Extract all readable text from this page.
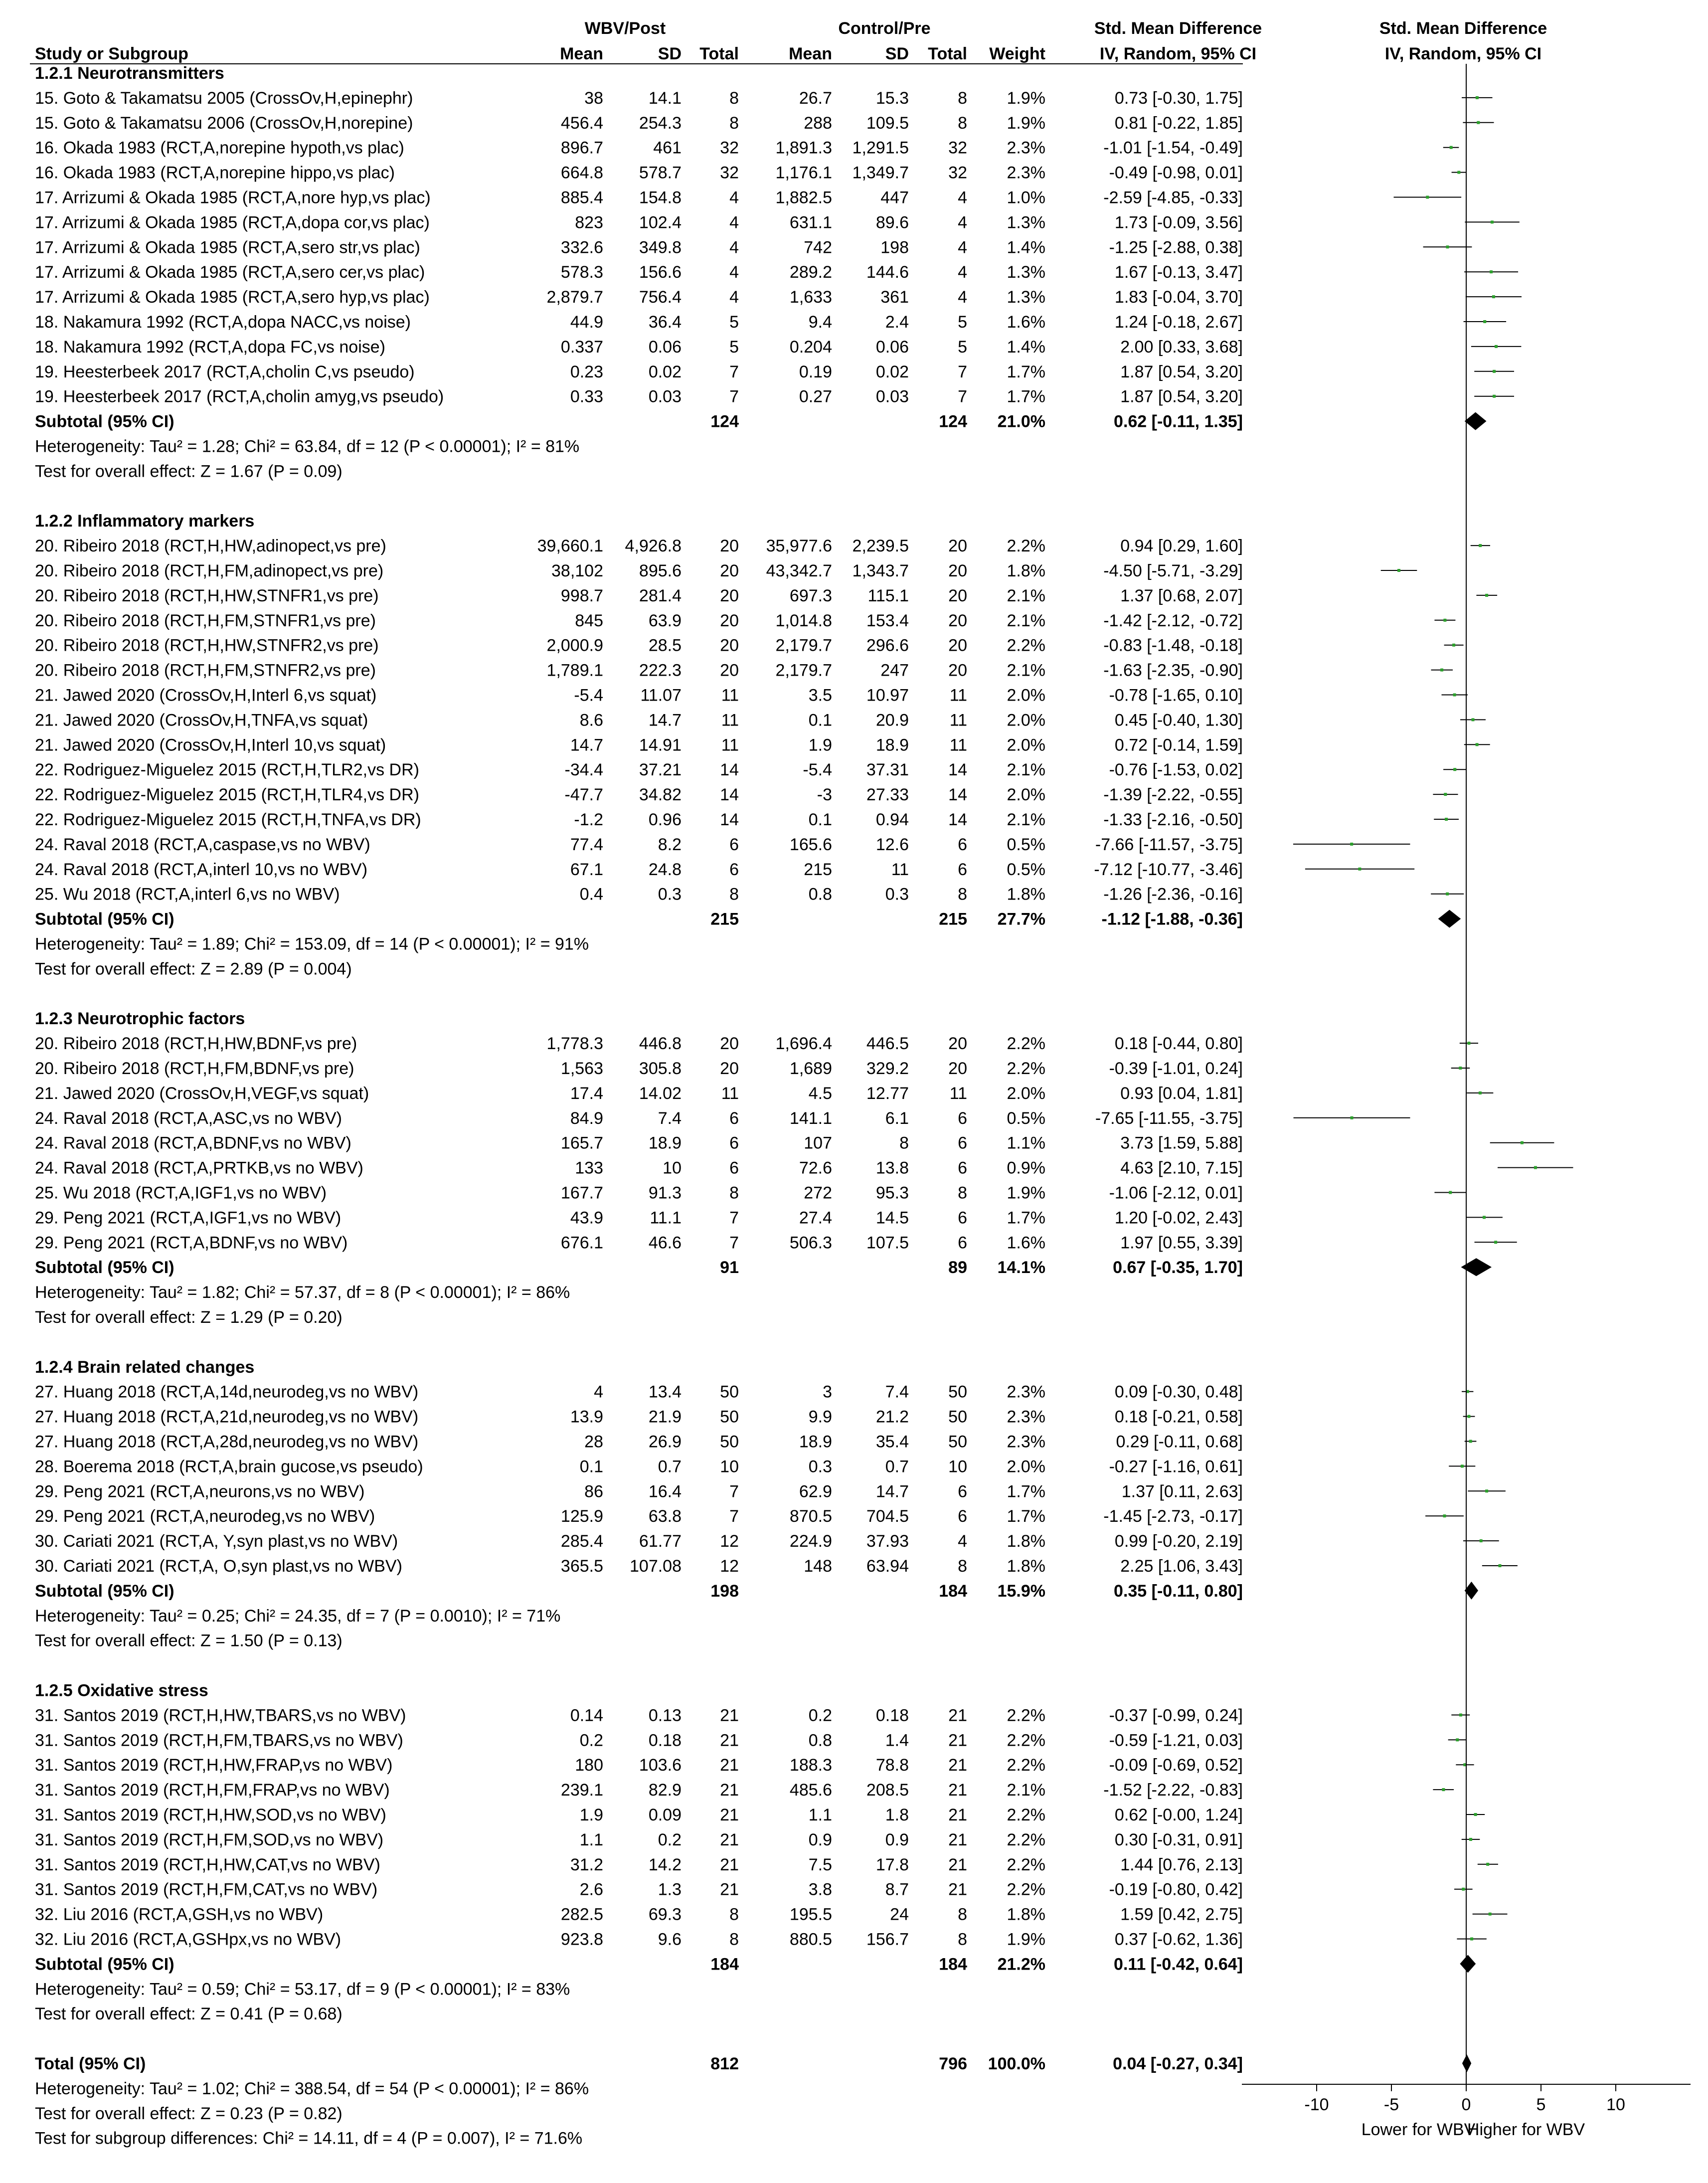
WBV/Post	Control/Pre	Std. Mean Difference
IV, Random, 95% CI
Std. Mean Difference
IV, Random, 95% CI
Study or Subgroup	Mean	SD Total	Mean	SD Total Weight
1.2.1 Neurotransmitters
15. Goto & Takamatsu 2005 (CrossOv,H,epinephr)	38	14.1	8	26.7	15.3	8 1.9%	0.73 [-0.30, 1.75]
15. Goto & Takamatsu 2006 (CrossOv,H,norepine)	456.4 254.3	8	288 109.5	8 1.9%	0.81 [-0.22, 1.85]
16. Okada 1983 (RCT,A,norepine hypoth,vs plac)	896.7	461 32 1,891.3 1,291.5 32 2.3%	-1.01 [-1.54, -0.49]
16. Okada 1983 (RCT,A,norepine hippo,vs plac)	664.8 578.7 32 1,176.1 1,349.7 32 2.3%	-0.49 [-0.98, 0.01]
17. Arrizumi & Okada 1985 (RCT,A,nore hyp,vs plac)	885.4 154.8	4 1,882.5	447	4 1.0%	-2.59 [-4.85, -0.33]
17. Arrizumi & Okada 1985 (RCT,A,dopa cor,vs plac)	823 102.4	4	631.1	89.6	4 1.3%	1.73 [-0.09, 3.56]
17. Arrizumi & Okada 1985 (RCT,A,sero str,vs plac)	332.6 349.8	4	742	198	4 1.4%	-1.25 [-2.88, 0.38]
17. Arrizumi & Okada 1985 (RCT,A,sero cer,vs plac)	578.3 156.6	4	289.2 144.6	4 1.3%	1.67 [-0.13, 3.47]
17. Arrizumi & Okada 1985 (RCT,A,sero hyp,vs plac)	2,879.7 756.4	4	1,633	361	4 1.3%	1.83 [-0.04, 3.70]
18. Nakamura 1992 (RCT,A,dopa NACC,vs noise)	44.9	36.4	5	9.4	2.4	5 1.6%	1.24 [-0.18, 2.67]
18. Nakamura 1992 (RCT,A,dopa FC,vs noise)	0.337	0.06	5	0.204	0.06	5 1.4%	2.00 [0.33, 3.68]
19. Heesterbeek 2017 (RCT,A,cholin C,vs pseudo)	0.23	0.02	7	0.19	0.02	7 1.7%	1.87 [0.54, 3.20]
19. Heesterbeek 2017 (RCT,A,cholin amyg,vs pseudo)	0.33	0.03	7	0.27	0.03	7 1.7%	1.87 [0.54, 3.20]
Subtotal (95% CI)	124	124 21.0%	0.62 [-0.11, 1.35]
Heterogeneity: Tau² = 1.28; Chi² = 63.84, df = 12 (P < 0.00001); I² = 81%
Test for overall effect: Z = 1.67 (P = 0.09)
1.2.2 Inflammatory markers
20. Ribeiro 2018 (RCT,H,HW,adinopect,vs pre)	39,660.1 4,926.8 20 35,977.6 2,239.5 20 2.2%	0.94 [0.29, 1.60]
20. Ribeiro 2018 (RCT,H,FM,adinopect,vs pre)	38,102 895.6 20 43,342.7 1,343.7 20 1.8%	-4.50 [-5.71, -3.29]
20. Ribeiro 2018 (RCT,H,HW,STNFR1,vs pre)	998.7 281.4 20	697.3 115.1 20 2.1%	1.37 [0.68, 2.07]
20. Ribeiro 2018 (RCT,H,FM,STNFR1,vs pre)	845	63.9 20 1,014.8 153.4 20 2.1%	-1.42 [-2.12, -0.72]
20. Ribeiro 2018 (RCT,H,HW,STNFR2,vs pre)	2,000.9	28.5 20 2,179.7 296.6 20 2.2%	-0.83 [-1.48, -0.18]
20. Ribeiro 2018 (RCT,H,FM,STNFR2,vs pre)	1,789.1 222.3 20 2,179.7	247 20 2.1%	-1.63 [-2.35, -0.90]
21. Jawed 2020 (CrossOv,H,Interl 6,vs squat)	-5.4 11.07 11	3.5 10.97 11 2.0%	-0.78 [-1.65, 0.10]
21. Jawed 2020 (CrossOv,H,TNFA,vs squat)	8.6	14.7 11	0.1	20.9 11 2.0%	0.45 [-0.40, 1.30]
21. Jawed 2020 (CrossOv,H,Interl 10,vs squat)	14.7 14.91 11	1.9	18.9 11 2.0%	0.72 [-0.14, 1.59]
22. Rodriguez-Miguelez 2015 (RCT,H,TLR2,vs DR)	-34.4 37.21 14	-5.4 37.31 14 2.1%	-0.76 [-1.53, 0.02]
22. Rodriguez-Miguelez 2015 (RCT,H,TLR4,vs DR)	-47.7 34.82 14	-3 27.33 14 2.0%	-1.39 [-2.22, -0.55]
22. Rodriguez-Miguelez 2015 (RCT,H,TNFA,vs DR)	-1.2	0.96 14	0.1	0.94 14 2.1%	-1.33 [-2.16, -0.50]
24. Raval 2018 (RCT,A,caspase,vs no WBV)	77.4	8.2	6	165.6	12.6	6 0.5%	-7.66 [-11.57, -3.75]
24. Raval 2018 (RCT,A,interl 10,vs no WBV)	67.1	24.8	6	215	11	6 0.5%	-7.12 [-10.77, -3.46]
25. Wu 2018 (RCT,A,interl 6,vs no WBV)	0.4	0.3	8	0.8	0.3	8 1.8%	-1.26 [-2.36, -0.16]
Subtotal (95% CI)	215	215 27.7%	-1.12 [-1.88, -0.36]
Heterogeneity: Tau² = 1.89; Chi² = 153.09, df = 14 (P < 0.00001); I² = 91%
Test for overall effect: Z = 2.89 (P = 0.004)
1.2.3 Neurotrophic factors
20. Ribeiro 2018 (RCT,H,HW,BDNF,vs pre)	1,778.3 446.8 20 1,696.4 446.5 20 2.2%	0.18 [-0.44, 0.80]
20. Ribeiro 2018 (RCT,H,FM,BDNF,vs pre)	1,563 305.8 20	1,689 329.2 20 2.2%	-0.39 [-1.01, 0.24]
21. Jawed 2020 (CrossOv,H,VEGF,vs squat)	17.4 14.02 11	4.5 12.77 11 2.0%	0.93 [0.04, 1.81]
24. Raval 2018 (RCT,A,ASC,vs no WBV)	84.9	7.4	6	141.1	6.1	6 0.5%	-7.65 [-11.55, -3.75]
24. Raval 2018 (RCT,A,BDNF,vs no WBV)	165.7	18.9	6	107	8	6 1.1%	3.73 [1.59, 5.88]
24. Raval 2018 (RCT,A,PRTKB,vs no WBV)	133	10	6	72.6	13.8	6 0.9%	4.63 [2.10, 7.15]
25. Wu 2018 (RCT,A,IGF1,vs no WBV)	167.7	91.3	8	272	95.3	8 1.9%	-1.06 [-2.12, 0.01]
29. Peng 2021 (RCT,A,IGF1,vs no WBV)	43.9	11.1	7	27.4	14.5	6 1.7%	1.20 [-0.02, 2.43]
29. Peng 2021 (RCT,A,BDNF,vs no WBV)	676.1	46.6	7	506.3 107.5	6 1.6%	1.97 [0.55, 3.39]
Subtotal (95% CI)	91	89 14.1%	0.67 [-0.35, 1.70]
Heterogeneity: Tau² = 1.82; Chi² = 57.37, df = 8 (P < 0.00001); I² = 86%
Test for overall effect: Z = 1.29 (P = 0.20)
1.2.4 Brain related changes
27. Huang 2018 (RCT,A,14d,neurodeg,vs no WBV)	4	13.4 50	3	7.4 50 2.3%	0.09 [-0.30, 0.48]
27. Huang 2018 (RCT,A,21d,neurodeg,vs no WBV)	13.9	21.9 50	9.9	21.2 50 2.3%	0.18 [-0.21, 0.58]
27. Huang 2018 (RCT,A,28d,neurodeg,vs no WBV)	28	26.9 50	18.9	35.4 50 2.3%	0.29 [-0.11, 0.68]
28. Boerema 2018 (RCT,A,brain gucose,vs pseudo)	0.1	0.7 10	0.3	0.7 10 2.0%	-0.27 [-1.16, 0.61]
29. Peng 2021 (RCT,A,neurons,vs no WBV)	86	16.4	7	62.9	14.7	6 1.7%	1.37 [0.11, 2.63]
29. Peng 2021 (RCT,A,neurodeg,vs no WBV)	125.9	63.8	7	870.5 704.5	6 1.7%	-1.45 [-2.73, -0.17]
30. Cariati 2021 (RCT,A, Y,syn plast,vs no WBV)	285.4 61.77 12	224.9 37.93	4 1.8%	0.99 [-0.20, 2.19]
30. Cariati 2021 (RCT,A, O,syn plast,vs no WBV)	365.5 107.08 12	148 63.94	8 1.8%	2.25 [1.06, 3.43]
Subtotal (95% CI)	198	184 15.9%	0.35 [-0.11, 0.80]
Heterogeneity: Tau² = 0.25; Chi² = 24.35, df = 7 (P = 0.0010); I² = 71%
Test for overall effect: Z = 1.50 (P = 0.13)
1.2.5 Oxidative stress
31. Santos 2019 (RCT,H,HW,TBARS,vs no WBV)	0.14	0.13 21	0.2	0.18 21 2.2%	-0.37 [-0.99, 0.24]
31. Santos 2019 (RCT,H,FM,TBARS,vs no WBV)	0.2	0.18 21	0.8	1.4 21 2.2%	-0.59 [-1.21, 0.03]
31. Santos 2019 (RCT,H,HW,FRAP,vs no WBV)	180 103.6 21	188.3	78.8 21 2.2%	-0.09 [-0.69, 0.52]
31. Santos 2019 (RCT,H,FM,FRAP,vs no WBV)	239.1	82.9 21	485.6 208.5 21 2.1%	-1.52 [-2.22, -0.83]
31. Santos 2019 (RCT,H,HW,SOD,vs no WBV)	1.9	0.09 21	1.1	1.8 21 2.2%	0.62 [-0.00, 1.24]
31. Santos 2019 (RCT,H,FM,SOD,vs no WBV)	1.1	0.2 21	0.9	0.9 21 2.2%	0.30 [-0.31, 0.91]
31. Santos 2019 (RCT,H,HW,CAT,vs no WBV)	31.2	14.2 21	7.5	17.8 21 2.2%	1.44 [0.76, 2.13]
31. Santos 2019 (RCT,H,FM,CAT,vs no WBV)	2.6	1.3 21	3.8	8.7 21 2.2%	-0.19 [-0.80, 0.42]
32. Liu 2016 (RCT,A,GSH,vs no WBV)	282.5	69.3	8	195.5	24	8 1.8%	1.59 [0.42, 2.75]
32. Liu 2016 (RCT,A,GSHpx,vs no WBV)	923.8	9.6	8	880.5 156.7	8 1.9%	0.37 [-0.62, 1.36]
Subtotal (95% CI)	184	184 21.2%	0.11 [-0.42, 0.64]
Heterogeneity: Tau² = 0.59; Chi² = 53.17, df = 9 (P < 0.00001); I² = 83%
Test for overall effect: Z = 0.41 (P = 0.68)
Total (95% CI)	812	796 100.0%	0.04 [-0.27, 0.34]
-10	-5	0	5	10
Lower for WBV
Higher for WBV
Heterogeneity: Tau² = 1.02; Chi² = 388.54, df = 54 (P < 0.00001); I² = 86%
Test for overall effect: Z = 0.23 (P = 0.82)
Test for subgroup differences: Chi² = 14.11, df = 4 (P = 0.007), I² = 71.6%
